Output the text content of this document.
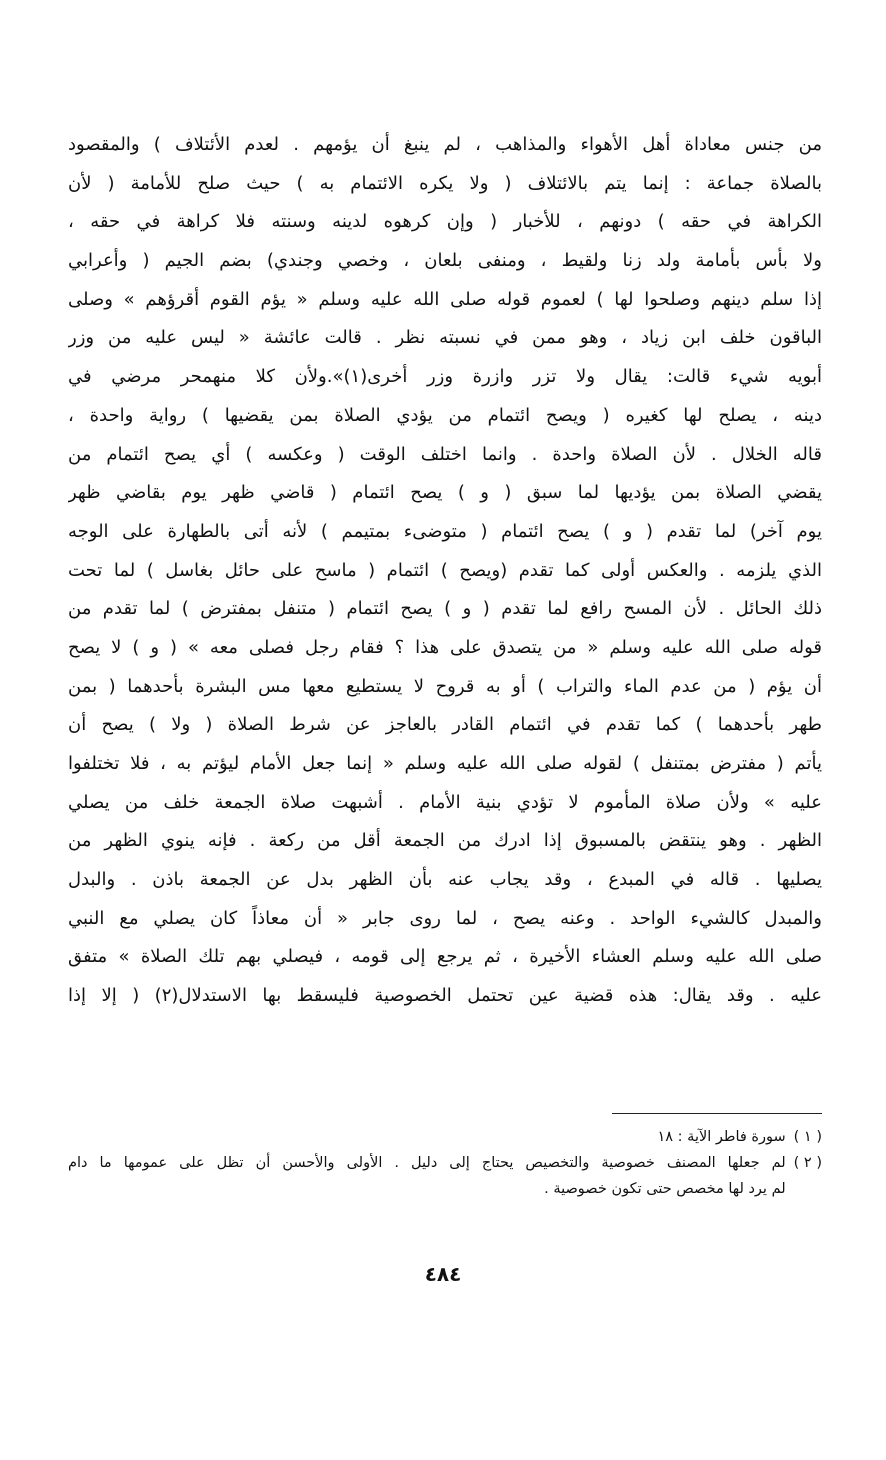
من جنس معاداة أهل الأهواء والمذاهب ، لم ينبغ أن يؤمهم . لعدم الأئتلاف ) والمقصود
بالصلاة جماعة : إنما يتم بالائتلاف ( ولا يكره الائتمام به ) حيث صلح للأمامة ( لأن
الكراهة في حقه ) دونهم ، للأخبار ( وإن كرهوه لدينه وسنته فلا كراهة في حقه ،
ولا بأس بأمامة ولد زنا ولقيط ، ومنفى بلعان ، وخصي وجندي) بضم الجيم ( وأعرابي
إذا سلم دينهم وصلحوا لها ) لعموم قوله صلى الله عليه وسلم « يؤم القوم أقرؤهم » وصلى
الباقون خلف ابن زياد ، وهو ممن في نسبته نظر . قالت عائشة « ليس عليه من وزر
أبويه شيء قالت: يقال ولا تزر وازرة وزر أخرى(١)».ولأن كلا منهمحر مرضي في
دينه ، يصلح لها كغيره ( ويصح ائتمام من يؤدي الصلاة بمن يقضيها ) رواية واحدة ،
قاله الخلال . لأن الصلاة واحدة . وانما اختلف الوقت ( وعكسه ) أي يصح ائتمام من
يقضي الصلاة بمن يؤديها لما سبق ( و ) يصح ائتمام ( قاضي ظهر يوم بقاضي ظهر
يوم آخر) لما تقدم ( و ) يصح ائتمام ( متوضىء بمتيمم ) لأنه أتى بالطهارة على الوجه
الذي يلزمه . والعكس أولى كما تقدم (ويصح ) ائتمام ( ماسح على حائل بغاسل ) لما تحت
ذلك الحائل . لأن المسح رافع لما تقدم ( و ) يصح ائتمام ( متنفل بمفترض ) لما تقدم من
قوله صلى الله عليه وسلم « من يتصدق على هذا ؟ فقام رجل فصلى معه » ( و ) لا يصح
أن يؤم ( من عدم الماء والتراب ) أو به قروح لا يستطيع معها مس البشرة بأحدهما ( بمن
طهر بأحدهما ) كما تقدم في ائتمام القادر بالعاجز عن شرط الصلاة ( ولا ) يصح أن
يأتم ( مفترض بمتنفل ) لقوله صلى الله عليه وسلم « إنما جعل الأمام ليؤتم به ، فلا تختلفوا
عليه » ولأن صلاة المأموم لا تؤدي بنية الأمام . أشبهت صلاة الجمعة خلف من يصلي
الظهر . وهو ينتقض بالمسبوق إذا ادرك من الجمعة أقل من ركعة . فإنه ينوي الظهر من
يصليها . قاله في المبدع ، وقد يجاب عنه بأن الظهر بدل عن الجمعة باذن . والبدل
والمبدل كالشيء الواحد . وعنه يصح ، لما روى جابر « أن معاذاً كان يصلي مع النبي
صلى الله عليه وسلم العشاء الأخيرة ، ثم يرجع إلى قومه ، فيصلي بهم تلك الصلاة » متفق
عليه . وقد يقال: هذه قضية عين تحتمل الخصوصية فليسقط بها الاستدلال(٢) ( إلا إذا
( ١ )
سورة فاطر الآية : ١٨
( ٢ )
لم جعلها المصنف خصوصية والتخصيص يحتاج إلى دليل . الأولى والأحسن أن تظل على عمومها ما دام
لم يرد لها مخصص حتى تكون خصوصية .
٤٨٤
